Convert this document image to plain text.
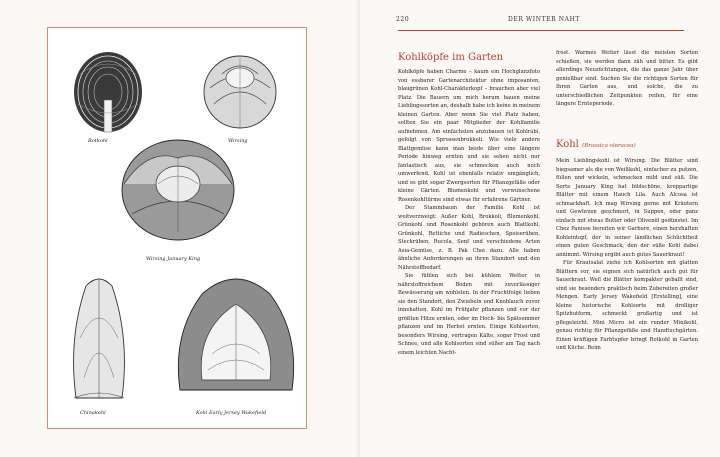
Rotkohl	Wirsing
Wirsing January King
Chinakohl	Kohl Early Jersey Wakefield
220	DER WINTER NAHT
Kohlköpfe im Garten

Kohlköpfe haben Charme – kaum ein Hochglanzfoto von essbarer Gartenarchitektur ohne imposanten, blaugrünen Kohl-Charakterkopf – brauchen aber viel Platz. Die Bauern um mich herum bauen meine Lieblingssorten an, deshalb habe ich keine in meinem kleinen Garten. Aber wenn Sie viel Platz haben, sollten Sie ein paar Mitglieder der Kohlfamilie aufnehmen. Am einfachsten anzubauen ist Kohlrabi, gefolgt von Sprossenbrokkoli. Wie viele andere Blattgemüse kann man beide über eine längere Periode hinweg ernten und sie sehen nicht nur fantastisch aus, sie schmecken auch noch umwerfend. Kohl ist ebenfalls relativ umgänglich, und es gibt sogar Zwergsorten für Pflanzgefäße oder kleine Gärten. Blumenkohl und verwunschene Rosenkohltürme sind etwas für erfahrene Gärtner.

Der Stammbaum der Familie Kohl ist weitverzweigt: Außer Kohl, Brokkoli, Blumenkohl, Grünkohl und Rosenkohl gehören auch Blattkohl, Grünkohl, Rettiche und Radieschen, Speiserüben, Steckrüben, Rucola, Senf und verschiedene Arten Asia-Gemüse, z. B. Pak Choi dazu. Alle haben ähnliche Anforderungen an ihren Standort und den Nährstoffbedarf.

Sie fühlen sich bei kühlem Wetter in nährstoffreichem Boden mit zuverlässiger Bewässerung am wohlsten. In der Fruchtfolge lieben sie den Standort, den Zwiebeln und Knoblauch zuvor innehatten. Kohl im Frühjahr pflanzen und vor der größten Hitze ernten, oder im Hoch- bis Spätsommer pflanzen und im Herbst ernten. Einige Kohlsorten, besonders Wirsing, vertragen Kälte, sogar Frost und Schnee, und alle Kohlsorten sind süßer am Tag nach einem leichten Nacht-

frost. Warmes Wetter lässt die meisten Sorten schießen, sie werden dann zäh und bitter. Es gibt allerdings Neuzüchtungen, die das ganze Jahr über genießbar sind. Suchen Sie die richtigen Sorten für Ihren Garten aus, und solche, die zu unterschiedlichen Zeitpunkten reifen, für eine längere Ernteperiode.

Kohl (Brassica oleracea)

Mein Lieblingskohl ist Wirsing. Die Blätter sind biegsamer als die von Weißkohl, einfacher zu putzen, füllen und wickeln, schmecken mild und süß. Die Sorte January King hat bildschöne, kreppartige Blätter mit einem Hauch Lila. Auch Alcosa ist schmackhaft. Ich mag Wirsing gerne mit Kräutern und Gewürzen geschmort, in Suppen, oder ganz einfach mit etwas Butter oder Olivenöl gedünstet. Im Chez Panisse bereiten wir Garbure, einen herzhaften Kohleintopf, der in seiner ländlichen Schlichtheit einen guten Geschmack, den der süße Kohl dabei annimmt. Wirsing ergibt auch gutes Sauerkraut!

Für Krautsalat ziehe ich Kohlsorten mit glatten Blättern vor, sie eignen sich natürlich auch gut für Sauerkraut. Weil die Blätter kompakter geballt sind, sind sie besonders praktisch beim Zubereiten großer Mengen. Early Jersey Wakefield [Erstelling], eine kleine historische Kohlsorte mit drolliger Spitzhutform, schmeckt großartig und ist pflegeleicht. Mini Micro ist ein runder Minikohl, genau richtig für Pflanzgefäße und Handtuchgärten. Einen kräftigen Farbtupfer bringt Rotkohl in Garten und Küche. Beim
